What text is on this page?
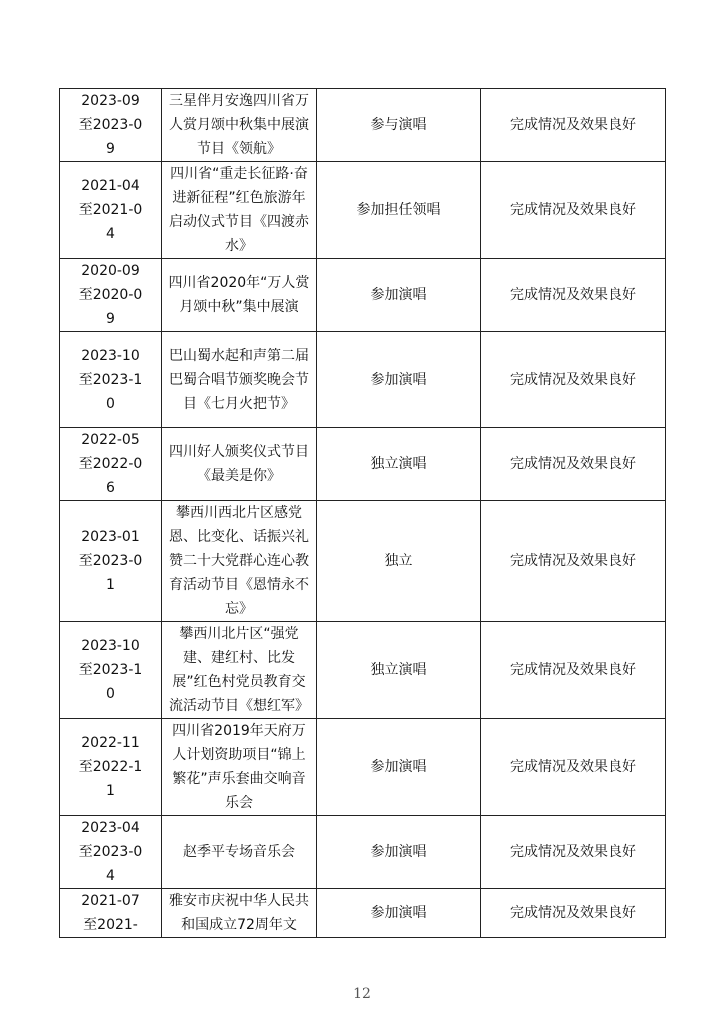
2023-09至2023-09	三星伴月安逸四川省万人赏月颂中秋集中展演节目《领航》	参与演唱	完成情况及效果良好

2021-04至2021-04	四川省“重走长征路·奋进新征程”红色旅游年启动仪式节目《四渡赤水》	参加担任领唱	完成情况及效果良好

2020-09至2020-09	四川省2020年“万人赏月颂中秋”集中展演	参加演唱	完成情况及效果良好

2023-10至2023-10	巴山蜀水起和声第二届巴蜀合唱节颁奖晚会节目《七月火把节》	参加演唱	完成情况及效果良好

2022-05至2022-06	四川好人颁奖仪式节目《最美是你》	独立演唱	完成情况及效果良好

2023-01至2023-01	攀西川西北片区感党恩、比变化、话振兴礼赞二十大党群心连心教育活动节目《恩情永不忘》	独立	完成情况及效果良好

2023-10至2023-10	攀西川北片区“强党建、建红村、比发展”红色村党员教育交流活动节目《想红军》	独立演唱	完成情况及效果良好

2022-11至2022-11	四川省2019年天府万人计划资助项目“锦上繁花”声乐套曲交响音乐会	参加演唱	完成情况及效果良好

2023-04至2023-04	赵季平专场音乐会	参加演唱	完成情况及效果良好

2021-07至2021-	雅安市庆祝中华人民共和国成立72周年文	参加演唱	完成情况及效果良好
12
